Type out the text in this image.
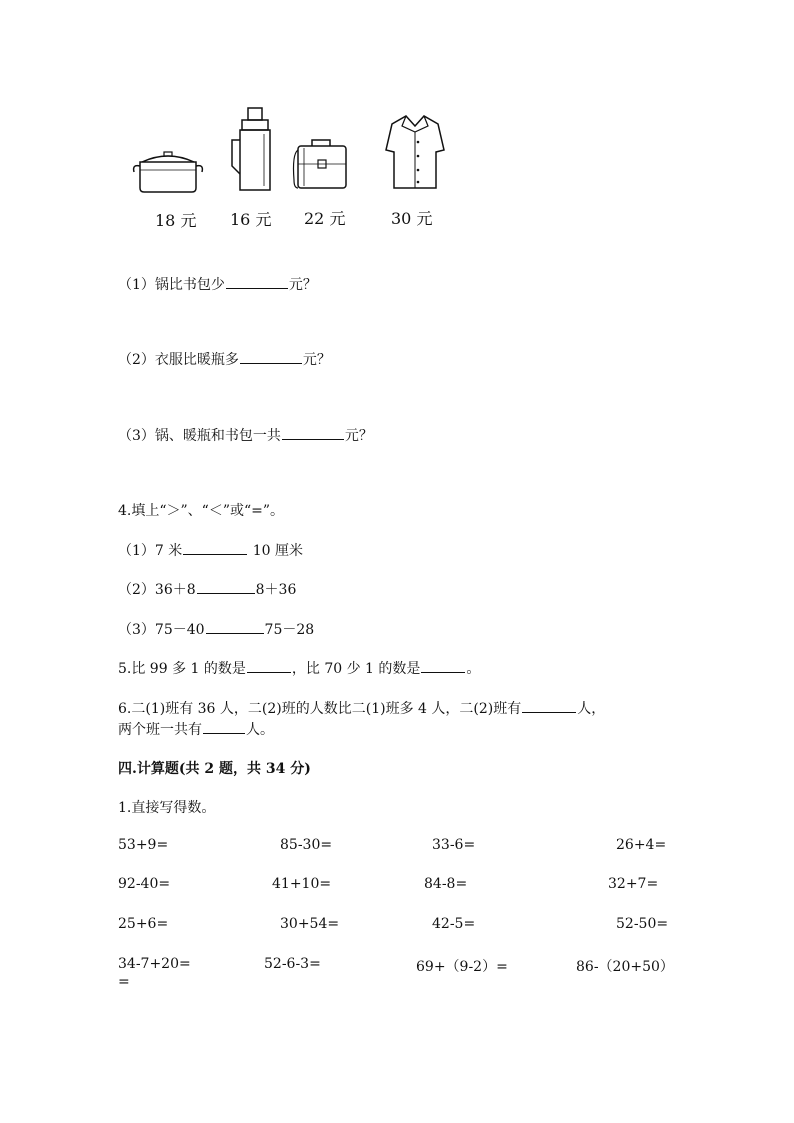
18 元 16 元 22 元	30 元
（1）锅比书包少	元？
（2）衣服比暖瓶多	元？
（3）锅、暖瓶和书包一共	元？
4.填上“＞”、“＜”或“=”。
（1）7 米	10 厘米
（2）36＋8	8＋36
（3）75－40	75－28
5.比 99 多 1 的数是	，比 70 少 1 的数是	。
6.二(1)班有 36 人，二(2)班的人数比二(1)班多 4 人，二(2)班有	人，
两个班一共有	人。
四.计算题(共 2 题，共 34 分)
1.直接写得数。
53+9=	85-30=	33-6=	26+4=
92-40=	41+10=	84-8=	32+7=
25+6=	30+54=	42-5=	52-50=
34-7+20=	52-6-3=	69+（9-2）=	86-（20+50）
=
